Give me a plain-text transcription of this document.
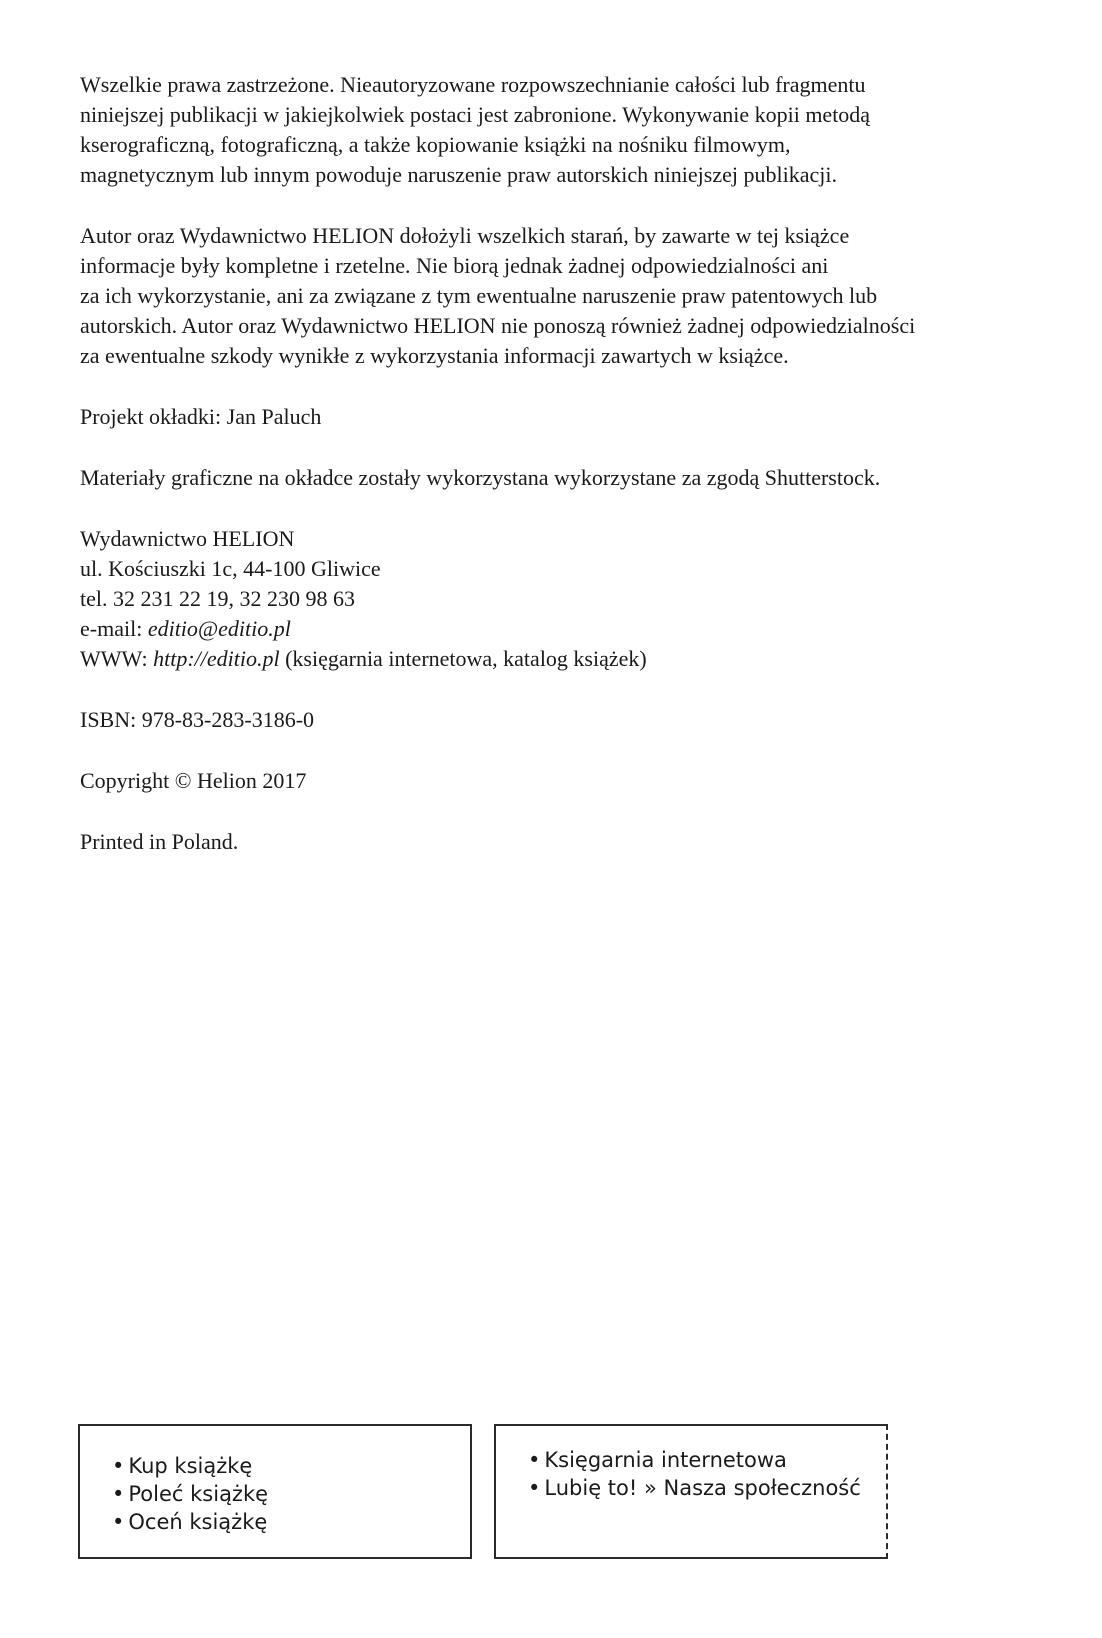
Wszelkie prawa zastrzeżone. Nieautoryzowane rozpowszechnianie całości lub fragmentu
niniejszej publikacji w jakiejkolwiek postaci jest zabronione. Wykonywanie kopii metodą
kserograficzną, fotograficzną, a także kopiowanie książki na nośniku filmowym,
magnetycznym lub innym powoduje naruszenie praw autorskich niniejszej publikacji.

Autor oraz Wydawnictwo HELION dołożyli wszelkich starań, by zawarte w tej książce
informacje były kompletne i rzetelne. Nie biorą jednak żadnej odpowiedzialności ani
za ich wykorzystanie, ani za związane z tym ewentualne naruszenie praw patentowych lub
autorskich. Autor oraz Wydawnictwo HELION nie ponoszą również żadnej odpowiedzialności
za ewentualne szkody wynikłe z wykorzystania informacji zawartych w książce.

Projekt okładki: Jan Paluch

Materiały graficzne na okładce zostały wykorzystana wykorzystane za zgodą Shutterstock.

Wydawnictwo HELION
ul. Kościuszki 1c, 44-100 Gliwice
tel. 32 231 22 19, 32 230 98 63
e-mail: editio@editio.pl
WWW: http://editio.pl (księgarnia internetowa, katalog książek)

ISBN: 978-83-283-3186-0

Copyright © Helion 2017

Printed in Poland.

• Kup książkę
• Poleć książkę
• Oceń książkę
• Księgarnia internetowa
• Lubię to! » Nasza społeczność
